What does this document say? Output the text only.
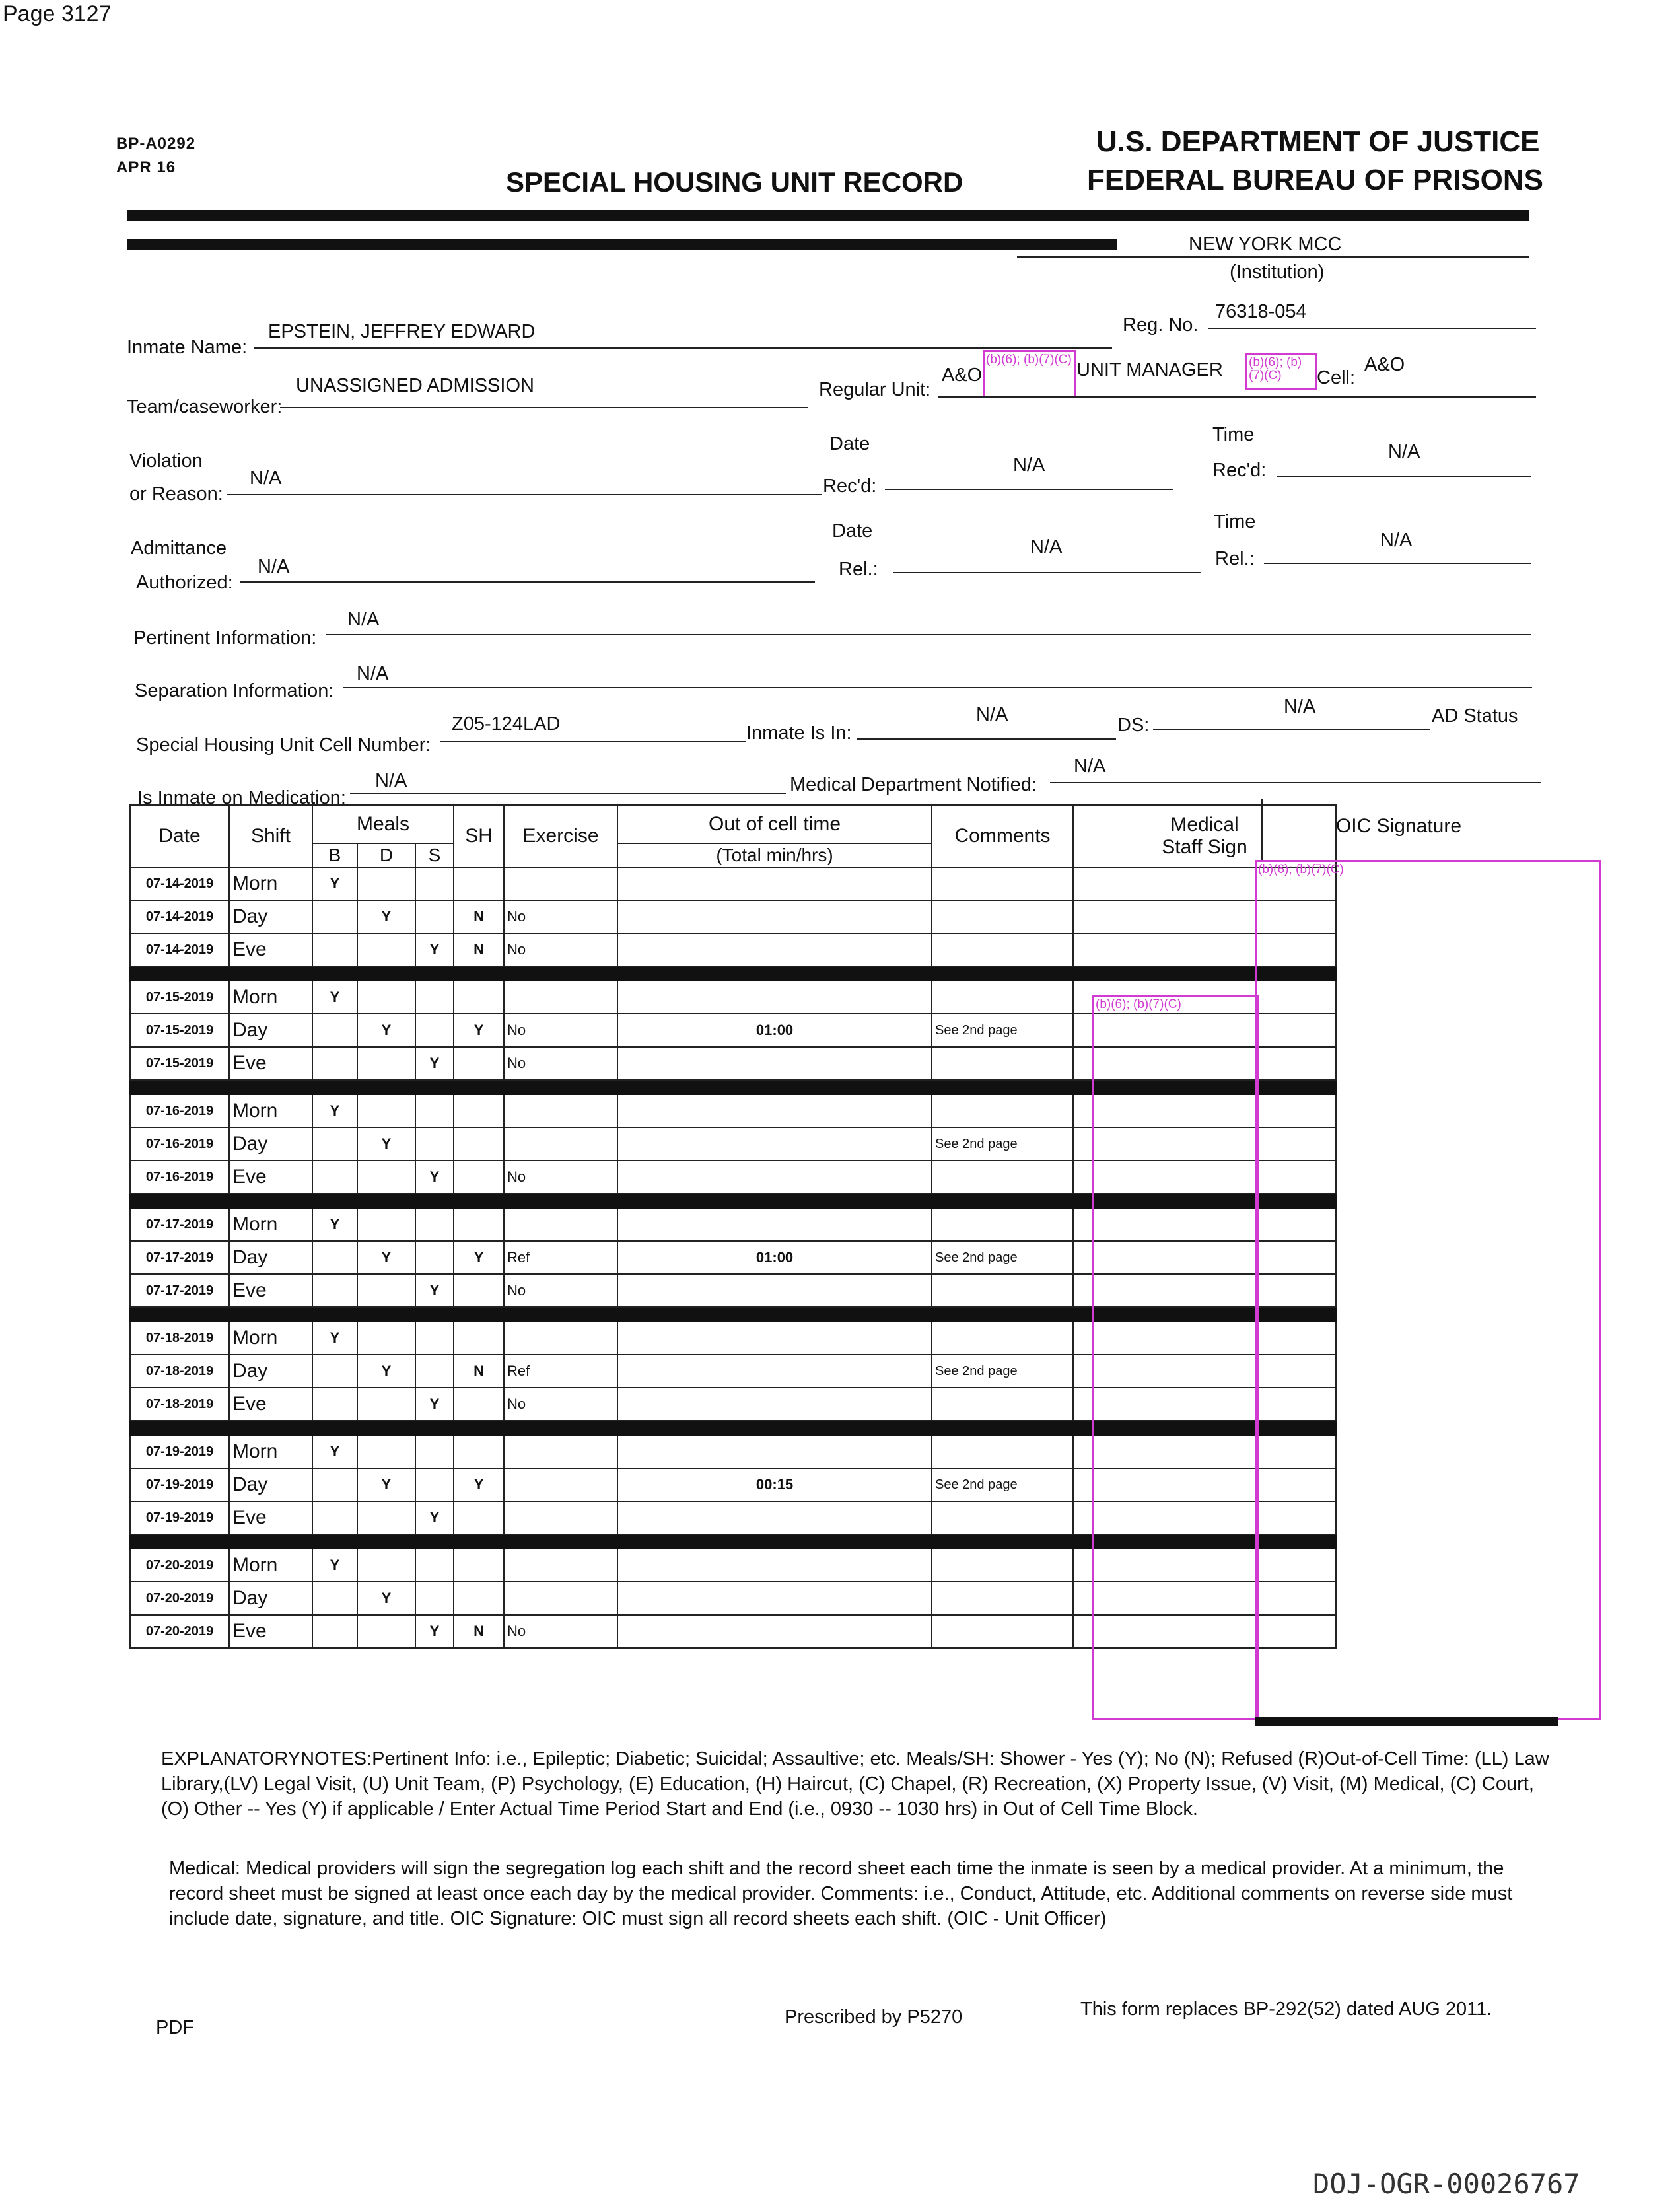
Page 3127
BP-A0292
APR 16	SPECIAL HOUSING UNIT RECORD
U.S. DEPARTMENT OF JUSTICE
FEDERAL BUREAU OF PRISONS
NEW YORK MCC
(Institution)
Inmate Name:
EPSTEIN, JEFFREY EDWARD	Reg. No.
76318-054
Team/caseworker:
UNASSIGNED ADMISSION	Regular Unit:
A&O
(b)(6); (b)(7)(C) UNIT MANAGER (b)(6); (b)(7)(C)	Cell:
A&O
Violation
or Reason:
N/A
Date
Rec'd:
N/A
Time
Rec'd:
N/A
Admittance
Authorized:
N/A
Date
Rel.:
N/A
Time
Rel.:
N/A
Pertinent Information:
N/A
Separation Information:
N/A
Special Housing Unit Cell Number:
Z05-124LAD	Inmate Is In:
N/A	DS:
N/A	AD Status
Is Inmate on Medication:
N/A	Medical Department Notified:
N/A
Date	Shift	Meals			SH	Exercise	Out of cell time	Comments	Medical
Staff Sign
		B	D	S			(Total min/hrs)		
07-14-2019	Morn	Y							
07-14-2019	Day		Y		N	No			
07-14-2019	Eve			Y	N	No			

07-15-2019	Morn	Y							
07-15-2019	Day		Y		Y	No	01:00	See 2nd page	
07-15-2019	Eve			Y		No			

07-16-2019	Morn	Y							
07-16-2019	Day		Y					See 2nd page	
07-16-2019	Eve			Y		No			

07-17-2019	Morn	Y							
07-17-2019	Day		Y		Y	Ref	01:00	See 2nd page	
07-17-2019	Eve			Y		No			

07-18-2019	Morn	Y							
07-18-2019	Day		Y		N	Ref		See 2nd page	
07-18-2019	Eve			Y		No			

07-19-2019	Morn	Y							
07-19-2019	Day		Y		Y		00:15	See 2nd page	
07-19-2019	Eve			Y					

07-20-2019	Morn	Y							
07-20-2019	Day		Y						
07-20-2019	Eve			Y	N	No			
OIC Signature
(b)(6); (b)(7)(C)
(b)(6); (b)(7)(C)
EXPLANATORYNOTES:Pertinent Info: i.e., Epileptic; Diabetic; Suicidal; Assaultive; etc. Meals/SH: Shower - Yes (Y); No (N); Refused (R)Out-of-Cell Time: (LL) Law Library,(LV) Legal Visit, (U) Unit Team, (P) Psychology, (E) Education, (H) Haircut, (C) Chapel, (R) Recreation, (X) Property Issue, (V) Visit, (M) Medical, (C) Court, (O) Other -- Yes (Y) if applicable / Enter Actual Time Period Start and End (i.e., 0930 -- 1030 hrs) in Out of Cell Time Block.
Medical: Medical providers will sign the segregation log each shift and the record sheet each time the inmate is seen by a medical provider. At a minimum, the record sheet must be signed at least once each day by the medical provider. Comments: i.e., Conduct, Attitude, etc. Additional comments on reverse side must include date, signature, and title. OIC Signature: OIC must sign all record sheets each shift. (OIC - Unit Officer)
PDF	Prescribed by P5270	This form replaces BP-292(52) dated AUG 2011.
DOJ-OGR-00026767
